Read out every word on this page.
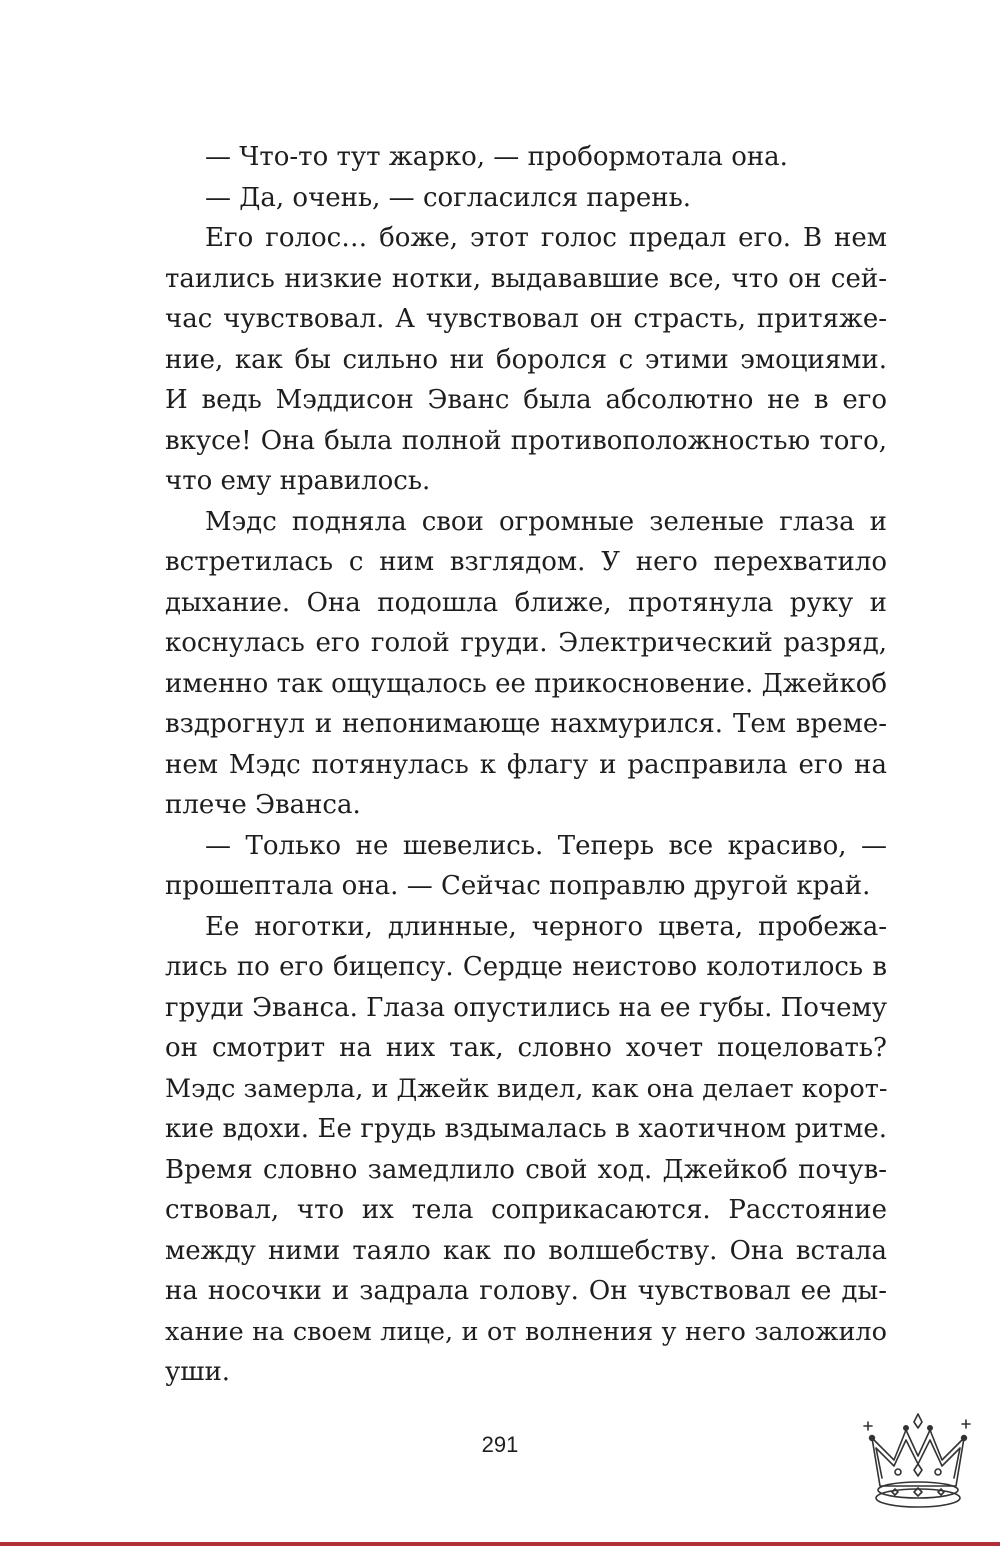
— Что-то тут жарко, — пробормотала она.
— Да, очень, — согласился парень.
Его голос… боже, этот голос предал его. В нем
таились низкие нотки, выдававшие все, что он сей-
час чувствовал. А чувствовал он страсть, притяже-
ние, как бы сильно ни боролся с этими эмоциями.
И ведь Мэддисон Эванс была абсолютно не в его
вкусе! Она была полной противоположностью того,
что ему нравилось.
Мэдс подняла свои огромные зеленые глаза и
встретилась с ним взглядом. У него перехватило
дыхание. Она подошла ближе, протянула руку и
коснулась его голой груди. Электрический разряд,
именно так ощущалось ее прикосновение. Джейкоб
вздрогнул и непонимающе нахмурился. Тем време-
нем Мэдс потянулась к флагу и расправила его на
плече Эванса.
— Только не шевелись. Теперь все красиво, —
прошептала она. — Сейчас поправлю другой край.
Ее ноготки, длинные, черного цвета, пробежа-
лись по его бицепсу. Сердце неистово колотилось в
груди Эванса. Глаза опустились на ее губы. Почему
он смотрит на них так, словно хочет поцеловать?
Мэдс замерла, и Джейк видел, как она делает корот-
кие вдохи. Ее грудь вздымалась в хаотичном ритме.
Время словно замедлило свой ход. Джейкоб почув-
ствовал, что их тела соприкасаются. Расстояние
между ними таяло как по волшебству. Она встала
на носочки и задрала голову. Он чувствовал ее ды-
хание на своем лице, и от волнения у него заложило
уши.
291
